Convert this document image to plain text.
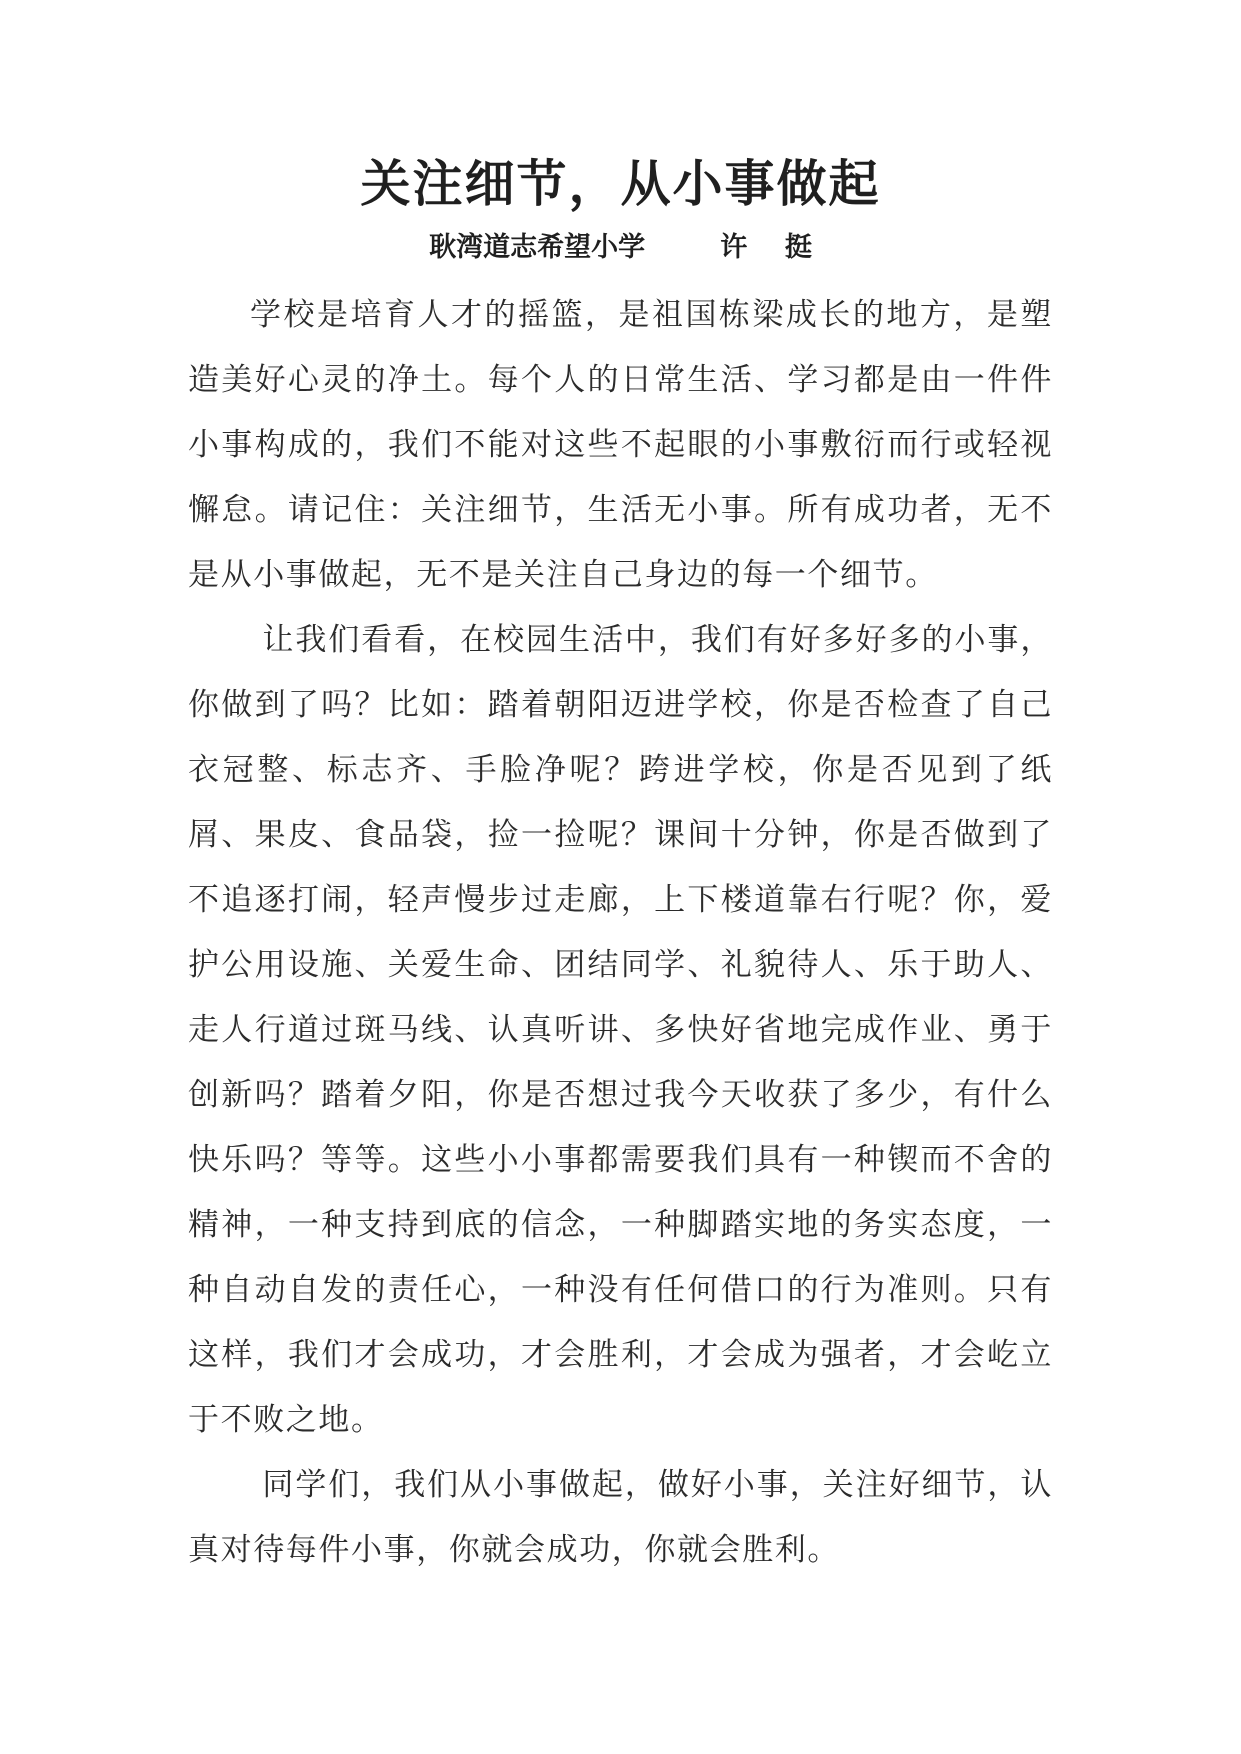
关注细节，从小事做起
耿湾道志希望小学        许    挺

学校是培育人才的摇篮，是祖国栋梁成长的地方，是塑造美好心灵的净土。每个人的日常生活、学习都是由一件件小事构成的，我们不能对这些不起眼的小事敷衍而行或轻视懈怠。请记住：关注细节，生活无小事。所有成功者，无不是从小事做起，无不是关注自己身边的每一个细节。

让我们看看，在校园生活中，我们有好多好多的小事，你做到了吗？比如：踏着朝阳迈进学校，你是否检查了自己衣冠整、标志齐、手脸净呢？跨进学校，你是否见到了纸屑、果皮、食品袋，捡一捡呢？课间十分钟，你是否做到了不追逐打闹，轻声慢步过走廊，上下楼道靠右行呢？你，爱护公用设施、关爱生命、团结同学、礼貌待人、乐于助人、走人行道过斑马线、认真听讲、多快好省地完成作业、勇于创新吗？踏着夕阳，你是否想过我今天收获了多少，有什么快乐吗？等等。这些小小事都需要我们具有一种锲而不舍的精神，一种支持到底的信念，一种脚踏实地的务实态度，一种自动自发的责任心，一种没有任何借口的行为准则。只有这样，我们才会成功，才会胜利，才会成为强者，才会屹立于不败之地。

同学们，我们从小事做起，做好小事，关注好细节，认真对待每件小事，你就会成功，你就会胜利。
